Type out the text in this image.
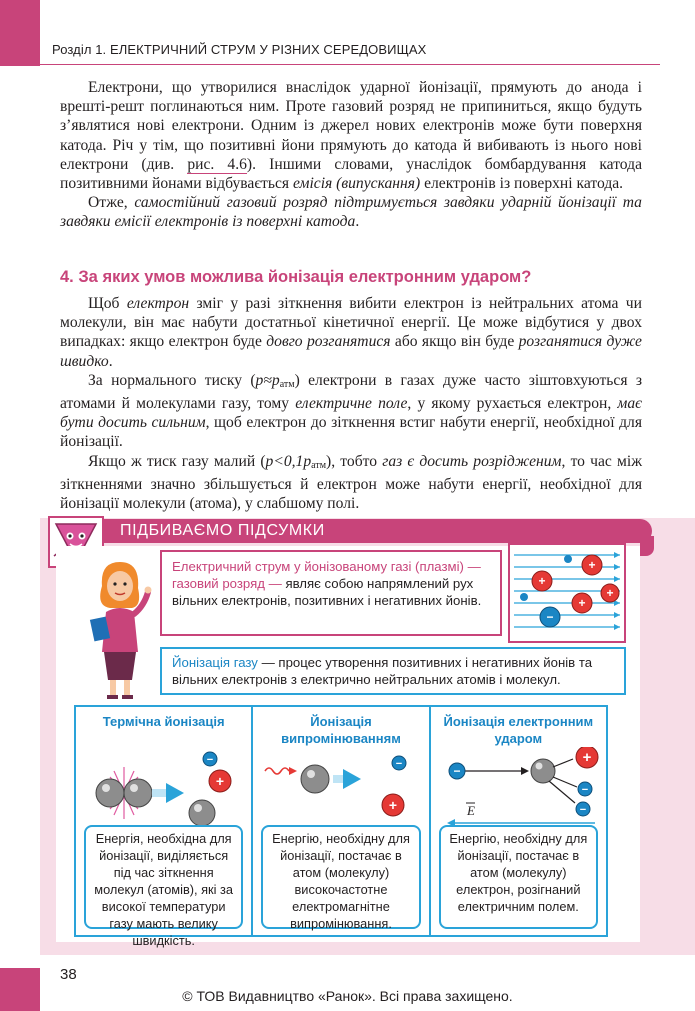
Розділ 1. ЕЛЕКТРИЧНИЙ СТРУМ У РІЗНИХ СЕРЕДОВИЩАХ

Електрони, що утворилися внаслідок ударної йонізації, прямують до анода і врешті-решт поглинаються ним. Проте газовий розряд не припиниться, якщо будуть з’являтися нові електрони. Одним із джерел нових електронів може бути поверхня катода. Річ у тім, що позитивні йони прямують до катода й вибивають із нього нові електрони (див. рис. 4.6). Іншими словами, унаслідок бомбардування катода позитивними йонами відбувається емісія (випускання) електронів із поверхні катода.

Отже, самостійний газовий розряд підтримується завдяки ударній йонізації та завдяки емісії електронів із поверхні катода.

4. За яких умов можлива йонізація електронним ударом?

Щоб електрон зміг у разі зіткнення вибити електрон із нейтральних атома чи молекули, він має набути достатньої кінетичної енергії. Це може відбутися у двох випадках: якщо електрон буде довго розганятися або якщо він буде розганятися дуже швидко.

За нормального тиску $(p\approx p_{атм})$ електрони в газах дуже часто зіштовхуються з атомами й молекулами газу, тому електричне поле, у якому рухається електрон, має бути досить сильним, щоб електрон до зіткнення встиг набути енергії, необхідної для йонізації.

Якщо ж тиск газу малий $(p<0,1p_{атм})$, тобто газ є досить розрідженим, то час між зіткненнями значно збільшується й електрон може набути енергії, необхідної для йонізації молекули (атома), у слабшому полі.

ПІДБИВАЄМО ПІДСУМКИ
Електричний струм у йонізованому газі (плазмі) — газовий розряд — являє собою напрямлений рух вільних електронів, позитивних і негативних йонів.
+
+
+
+
−
Йонізація газу — процес утворення позитивних і негативних йонів та вільних електронів з електрично нейтральних атомів і молекул.
Термічна йонізація
+
−
Енергія, необхідна для йонізації, виділяється під час зіткнення молекул (атомів), які за високої температури газу мають велику швидкість.
Йонізація випромінюванням
+
−
Енергію, необхідну для йонізації, постачає в атом (молекулу) високочастотне електромагнітне випромінювання.
Йонізація електронним ударом
−
+
−
−
E
Енергію, необхідну для йонізації, постачає в атом (молекулу) електрон, розігнаний електричним полем.
38
© ТОВ Видавництво «Ранок». Всі права захищено.
